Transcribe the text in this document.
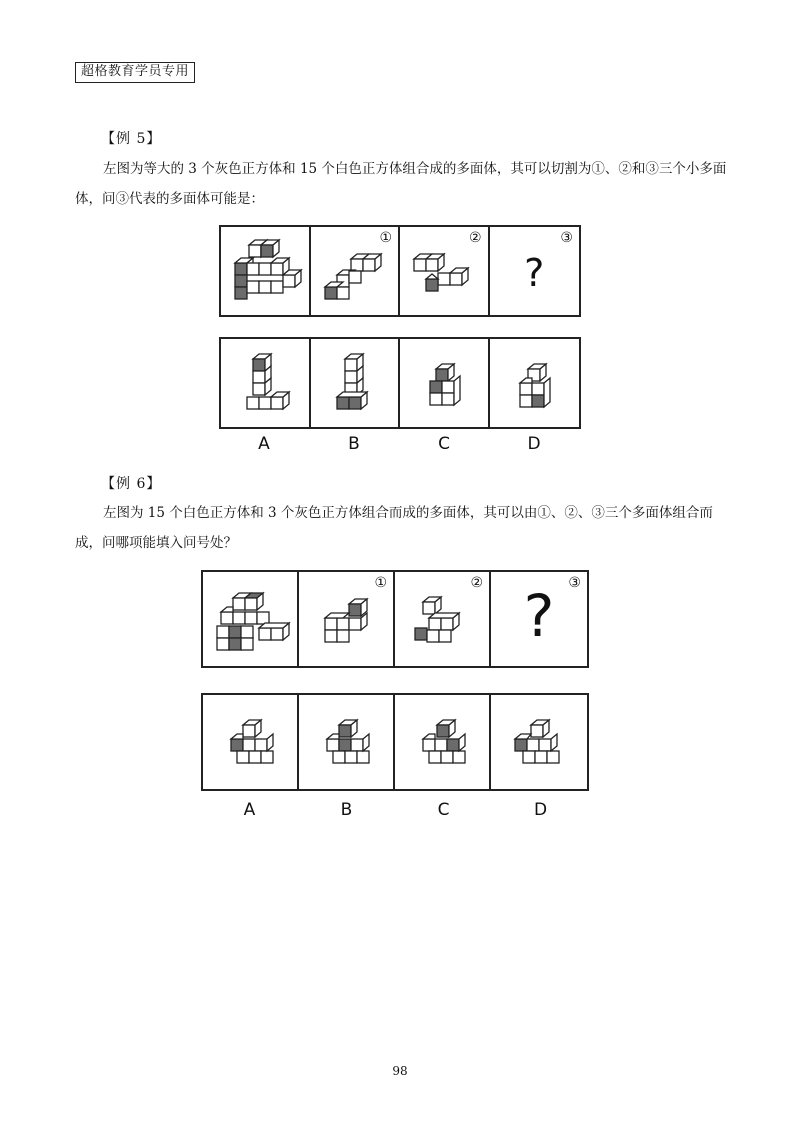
超格教育学员专用
【例 5】
左图为等大的 3 个灰色正方体和 15 个白色正方体组合成的多面体，其可以切割为①、②和③三个小多面体，问③代表的多面体可能是：
①	②	③
?
A	B	C	D
【例 6】
左图为 15 个白色正方体和 3 个灰色正方体组合而成的多面体，其可以由①、②、③三个多面体组合而成，问哪项能填入问号处？
①	②	③
?
A	B	C	D
98
